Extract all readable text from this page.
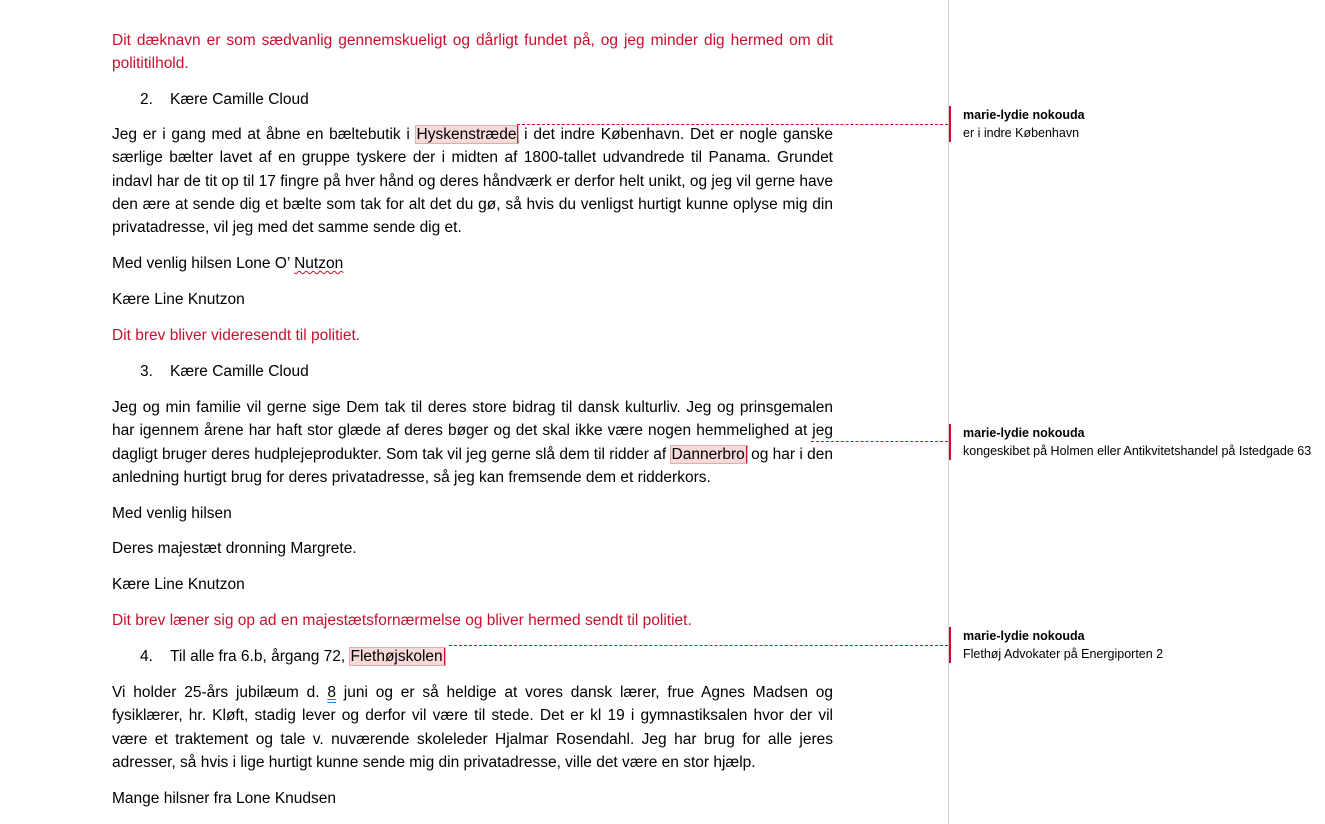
Dit dæknavn er som sædvanlig gennemskueligt og dårligt fundet på, og jeg minder dig hermed om dit polititilhold.
2. Kære Camille Cloud
Jeg er i gang med at åbne en bæltebutik i Hyskenstræde i det indre København. Det er nogle ganske særlige bælter lavet af en gruppe tyskere der i midten af 1800-tallet udvandrede til Panama. Grundet indavl har de tit op til 17 fingre på hver hånd og deres håndværk er derfor helt unikt, og jeg vil gerne have den ære at sende dig et bælte som tak for alt det du gø, så hvis du venligst hurtigt kunne oplyse mig din privatadresse, vil jeg med det samme sende dig et.
Med venlig hilsen Lone O’ Nutzon
Kære Line Knutzon
Dit brev bliver videresendt til politiet.
3. Kære Camille Cloud
Jeg og min familie vil gerne sige Dem tak til deres store bidrag til dansk kulturliv. Jeg og prinsgemalen har igennem årene har haft stor glæde af deres bøger og det skal ikke være nogen hemmelighed at jeg dagligt bruger deres hudplejeprodukter. Som tak vil jeg gerne slå dem til ridder af Dannerbro og har i den anledning hurtigt brug for deres privatadresse, så jeg kan fremsende dem et ridderkors.
Med venlig hilsen
Deres majestæt dronning Margrete.
Kære Line Knutzon
Dit brev læner sig op ad en majestætsfornærmelse og bliver hermed sendt til politiet.
4. Til alle fra 6.b, årgang 72, Flethøjskolen
Vi holder 25-års jubilæum d. 8 juni og er så heldige at vores dansk lærer, frue Agnes Madsen og fysiklærer, hr. Kløft, stadig lever og derfor vil være til stede. Det er kl 19 i gymnastiksalen hvor der vil være et traktement og tale v. nuværende skoleleder Hjalmar Rosendahl. Jeg har brug for alle jeres adresser, så hvis i lige hurtigt kunne sende mig din privatadresse, ville det være en stor hjælp.
Mange hilsner fra Lone Knudsen
marie-lydie nokouda
er i indre København
marie-lydie nokouda
kongeskibet på Holmen eller Antikvitetshandel på Istedgade 63
marie-lydie nokouda
Flethøj Advokater på Energiporten 2
